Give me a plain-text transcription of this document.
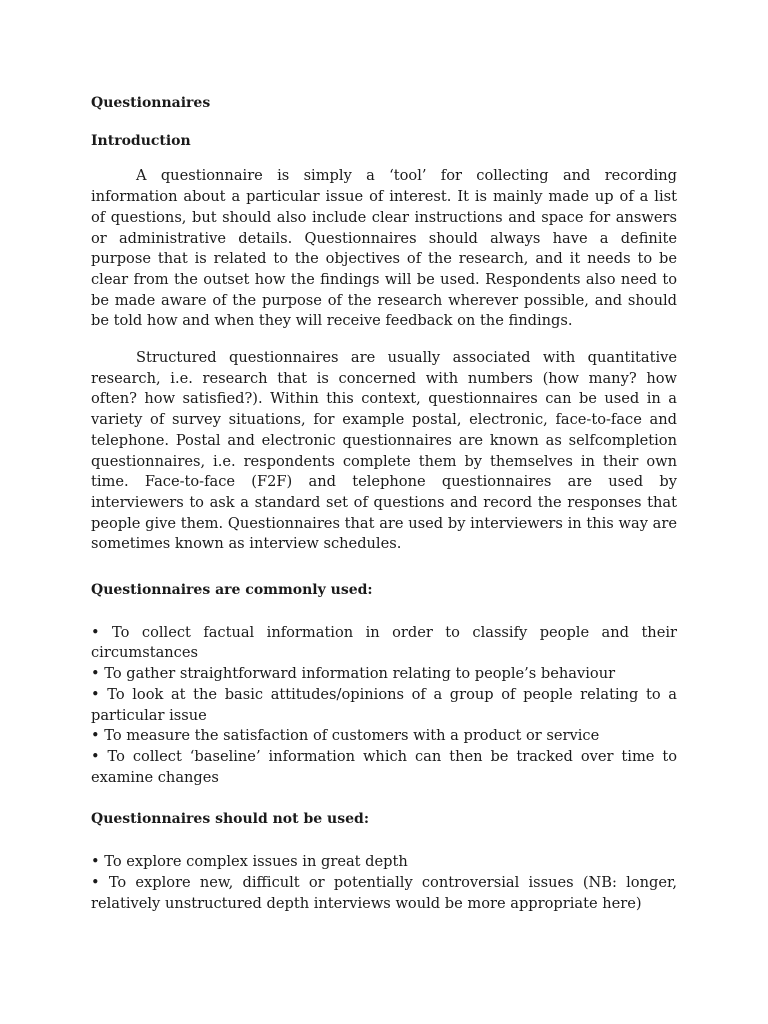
Questionnaires

Introduction

A questionnaire is simply a ‘tool’ for collecting and recording information about a particular issue of interest. It is mainly made up of a list of questions, but should also include clear instructions and space for answers or administrative details. Questionnaires should always have a definite purpose that is related to the objectives of the research, and it needs to be clear from the outset how the findings will be used. Respondents also need to be made aware of the purpose of the research wherever possible, and should be told how and when they will receive feedback on the findings.

Structured questionnaires are usually associated with quantitative research, i.e. research that is concerned with numbers (how many? how often? how satisfied?). Within this context, questionnaires can be used in a variety of survey situations, for example postal, electronic, face-to-face and telephone. Postal and electronic questionnaires are known as selfcompletion questionnaires, i.e. respondents complete them by themselves in their own time. Face-to-face (F2F) and telephone questionnaires are used by interviewers to ask a standard set of questions and record the responses that people give them. Questionnaires that are used by interviewers in this way are sometimes known as interview schedules.

Questionnaires are commonly used:

• To collect factual information in order to classify people and their circumstances
• To gather straightforward information relating to people’s behaviour
• To look at the basic attitudes/opinions of a group of people relating to a particular issue
• To measure the satisfaction of customers with a product or service
• To collect ‘baseline’ information which can then be tracked over time to examine changes

Questionnaires should not be used:

• To explore complex issues in great depth
• To explore new, difficult or potentially controversial issues (NB: longer, relatively unstructured depth interviews would be more appropriate here)
